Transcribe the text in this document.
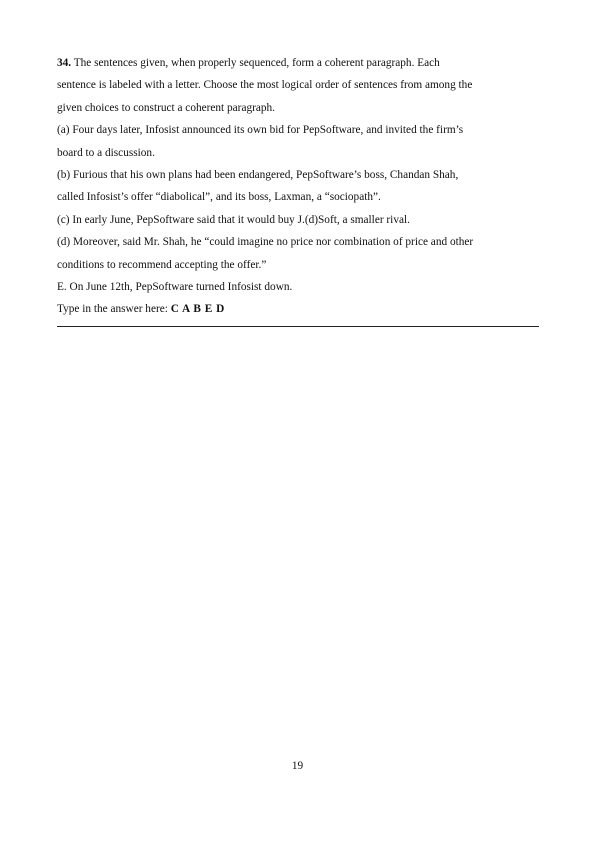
34. The sentences given, when properly sequenced, form a coherent paragraph. Each
sentence is labeled with a letter. Choose the most logical order of sentences from among the
given choices to construct a coherent paragraph.
(a) Four days later, Infosist announced its own bid for PepSoftware, and invited the firm’s
board to a discussion.
(b) Furious that his own plans had been endangered, PepSoftware’s boss, Chandan Shah,
called Infosist’s offer “diabolical”, and its boss, Laxman, a “sociopath”.
(c) In early June, PepSoftware said that it would buy J.(d)Soft, a smaller rival.
(d) Moreover, said Mr. Shah, he “could imagine no price nor combination of price and other
conditions to recommend accepting the offer.”
E. On June 12th, PepSoftware turned Infosist down.
Type in the answer here: C A B E D
19
